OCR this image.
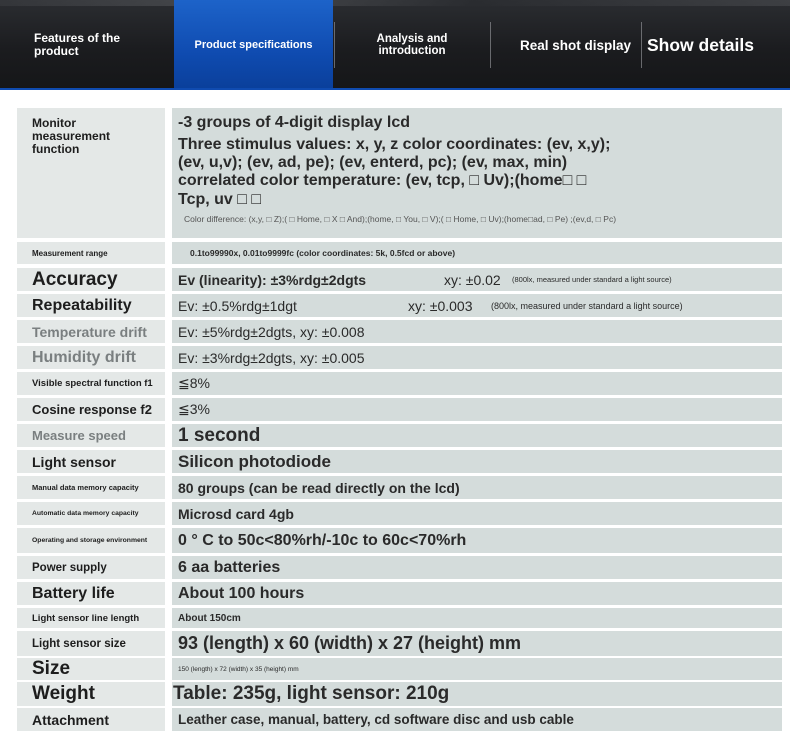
Features of the product	Product specifications	Analysis and introduction	Real shot display Show details
Monitor measurement function
-3 groups of 4-digit display lcd
Three stimulus values: x, y, z color coordinates: (ev, x,y);
(ev, u,v); (ev, ad, pe); (ev, enterd, pc); (ev, max, min)
correlated color temperature: (ev, tcp, □ Uv);(home□ □
Tcp, uv □ □
Color difference: (x,y, □ Z);( □ Home, □ X □ And);(home, □ You, □ V);( □ Home, □ Uv);(home□ad, □ Pe) ;(ev,d, □ Pc)
Measurement range	0.1to99990x, 0.01to9999fc (color coordinates: 5k, 0.5fcd or above)
Accuracy	Ev (linearity): ±3%rdg±2dgts	xy: ±0.02 (800lx, measured under standard a light source)
Repeatability	Ev: ±0.5%rdg±1dgt	xy: ±0.003 (800lx, measured under standard a light source)
Temperature drift	Ev: ±5%rdg±2dgts, xy: ±0.008
Humidity drift	Ev: ±3%rdg±2dgts, xy: ±0.005
Visible spectral function f1	≦8%
Cosine response f2	≦3%
Measure speed	1 second
Light sensor	Silicon photodiode
Manual data memory capacity	80 groups (can be read directly on the lcd)
Automatic data memory capacity	Microsd card 4gb
Operating and storage environment	0 ° C to 50c<80%rh/-10c to 60c<70%rh
Power supply	6 aa batteries
Battery life	About 100 hours
Light sensor line length	About 150cm
Light sensor size	93 (length) x 60 (width) x 27 (height) mm
Size	150 (length) x 72 (width) x 35 (height) mm
Weight	Table: 235g, light sensor: 210g
Attachment	Leather case, manual, battery, cd software disc and usb cable
